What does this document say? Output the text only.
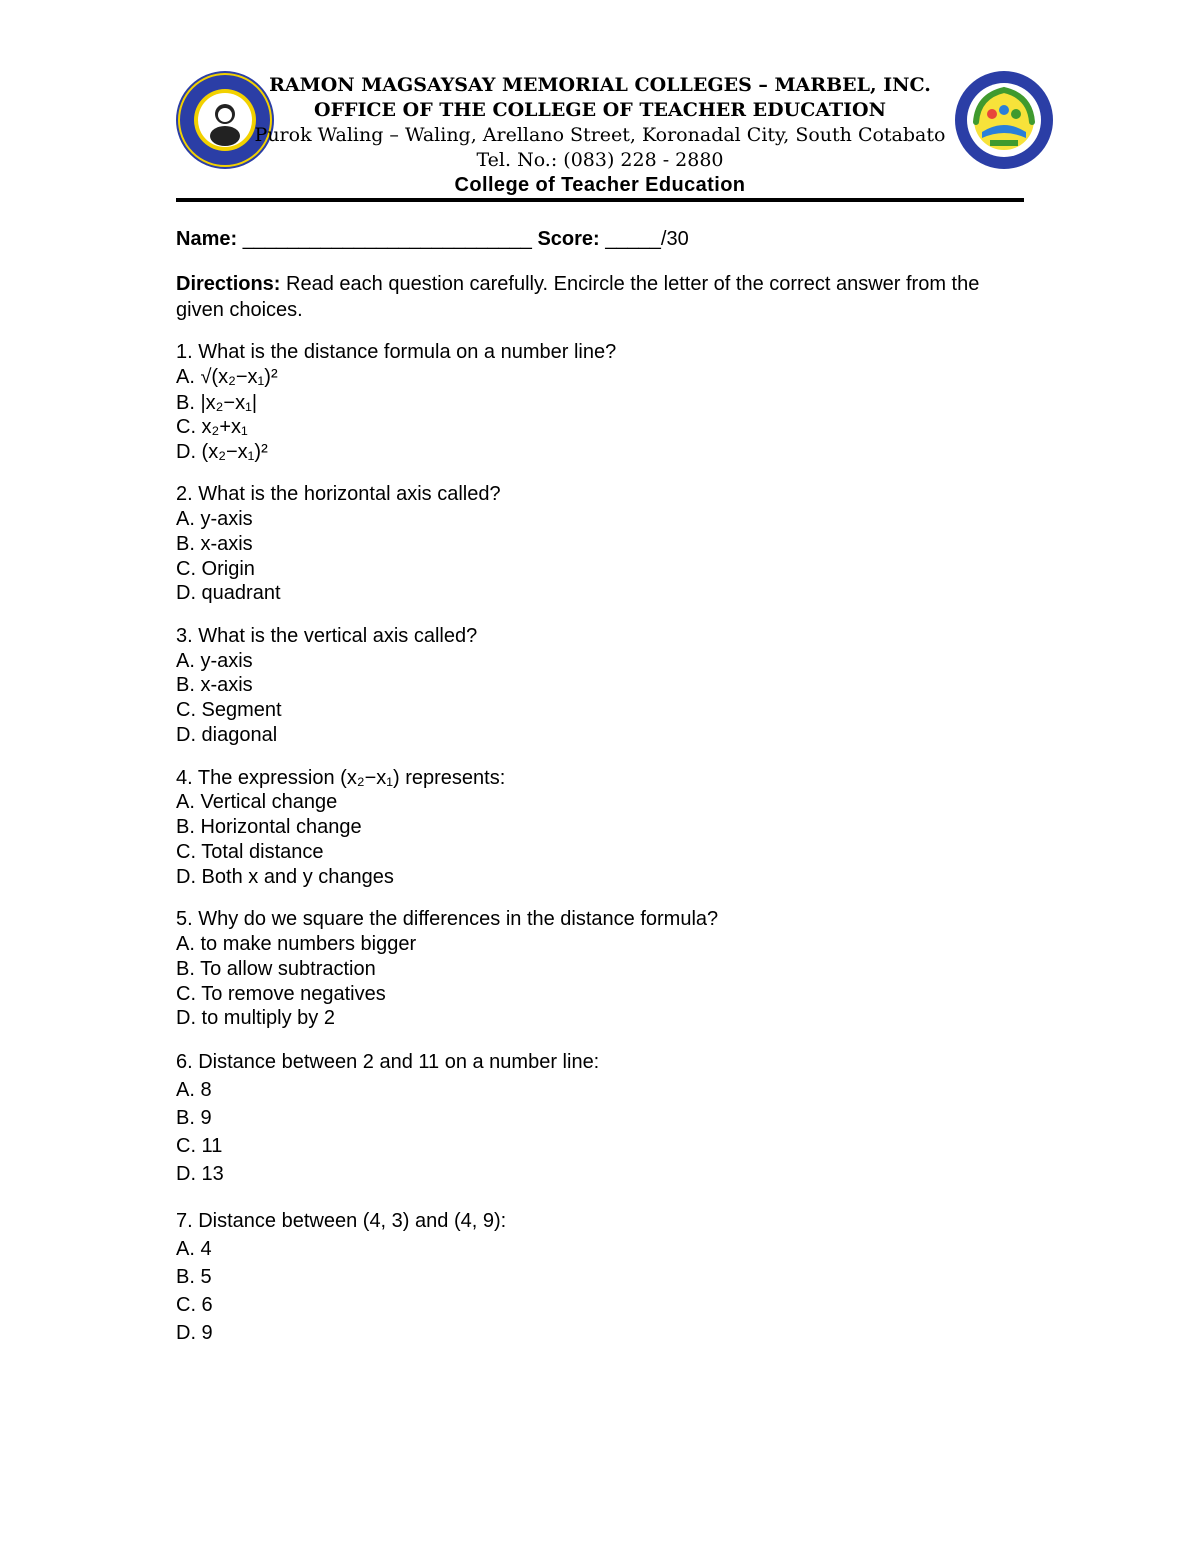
RAMON MAGSAYSAY MEMORIAL COLLEGES – MARBEL, INC.
OFFICE OF THE COLLEGE OF TEACHER EDUCATION
Purok Waling – Waling, Arellano Street, Koronadal City, South Cotabato
Tel. No.: (083) 228 - 2880
College of Teacher Education
Name: __________________________ Score: _____/30
Directions: Read each question carefully. Encircle the letter of the correct answer from the given choices.
1. What is the distance formula on a number line?
A. √(x₂−x₁)²
B. |x₂−x₁|
C. x₂+x₁
D. (x₂−x₁)²
2. What is the horizontal axis called?
A. y-axis
B. x-axis
C. Origin
D. quadrant
3. What is the vertical axis called?
A. y-axis
B. x-axis
C. Segment
D. diagonal
4. The expression (x₂−x₁) represents:
A. Vertical change
B. Horizontal change
C. Total distance
D. Both x and y changes
5. Why do we square the differences in the distance formula?
A. to make numbers bigger
B. To allow subtraction
C. To remove negatives
D. to multiply by 2
6. Distance between 2 and 11 on a number line:
A. 8
B. 9
C. 11
D. 13
7. Distance between (4, 3) and (4, 9):
A. 4
B. 5
C. 6
D. 9
